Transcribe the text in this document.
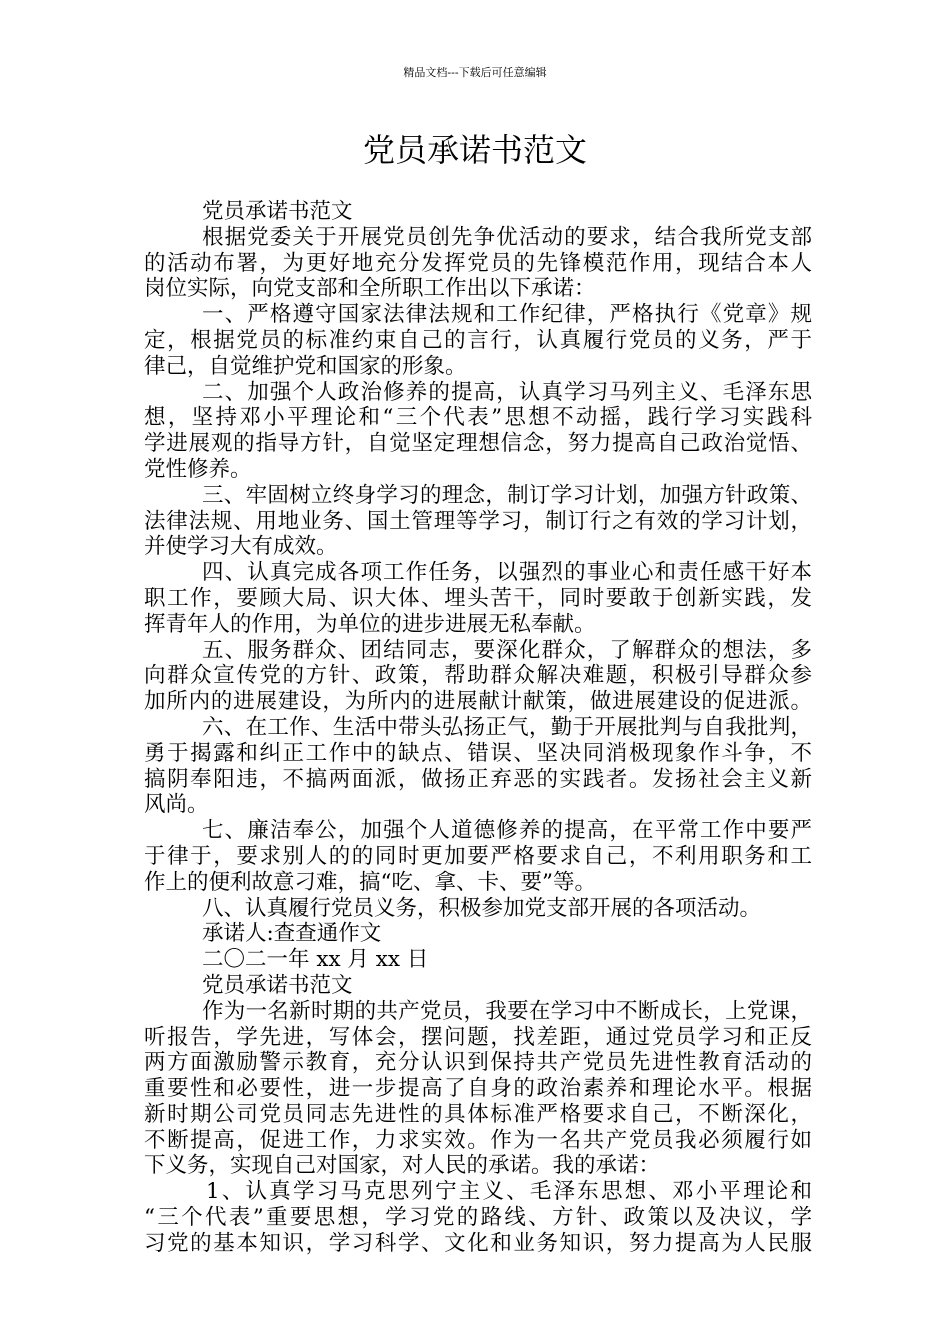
精品文档---下载后可任意编辑
党员承诺书范文
党员承诺书范文
根据党委关于开展党员创先争优活动的要求，结合我所党支部
的活动布署，为更好地充分发挥党员的先锋模范作用，现结合本人
岗位实际，向党支部和全所职工作出以下承诺：
一、严格遵守国家法律法规和工作纪律，严格执行《党章》规
定，根据党员的标准约束自己的言行，认真履行党员的义务，严于
律己，自觉维护党和国家的形象。
二、加强个人政治修养的提高，认真学习马列主义、毛泽东思
想，坚持邓小平理论和“三个代表”思想不动摇，践行学习实践科
学进展观的指导方针，自觉坚定理想信念，努力提高自己政治觉悟、
党性修养。
三、牢固树立终身学习的理念，制订学习计划，加强方针政策、
法律法规、用地业务、国土管理等学习，制订行之有效的学习计划，
并使学习大有成效。
四、认真完成各项工作任务，以强烈的事业心和责任感干好本
职工作，要顾大局、识大体、埋头苦干，同时要敢于创新实践，发
挥青年人的作用，为单位的进步进展无私奉献。
五、服务群众、团结同志，要深化群众，了解群众的想法，多
向群众宣传党的方针、政策，帮助群众解决难题，积极引导群众参
加所内的进展建设，为所内的进展献计献策，做进展建设的促进派。
六、在工作、生活中带头弘扬正气，勤于开展批判与自我批判，
勇于揭露和纠正工作中的缺点、错误、坚决同消极现象作斗争，不
搞阴奉阳违，不搞两面派，做扬正弃恶的实践者。发扬社会主义新
风尚。
七、廉洁奉公，加强个人道德修养的提高，在平常工作中要严
于律于，要求别人的的同时更加要严格要求自己，不利用职务和工
作上的便利故意刁难，搞“吃、拿、卡、要”等。
八、认真履行党员义务，积极参加党支部开展的各项活动。
承诺人:查查通作文
二〇二一年 xx 月 xx 日
党员承诺书范文
作为一名新时期的共产党员，我要在学习中不断成长，上党课，
听报告，学先进，写体会，摆问题，找差距，通过党员学习和正反
两方面激励警示教育，充分认识到保持共产党员先进性教育活动的
重要性和必要性，进一步提高了自身的政治素养和理论水平。根据
新时期公司党员同志先进性的具体标准严格要求自己，不断深化，
不断提高，促进工作，力求实效。作为一名共产党员我必须履行如
下义务，实现自己对国家，对人民的承诺。我的承诺：
1、认真学习马克思列宁主义、毛泽东思想、邓小平理论和
“三个代表”重要思想，学习党的路线、方针、政策以及决议，学
习党的基本知识，学习科学、文化和业务知识，努力提高为人民服
